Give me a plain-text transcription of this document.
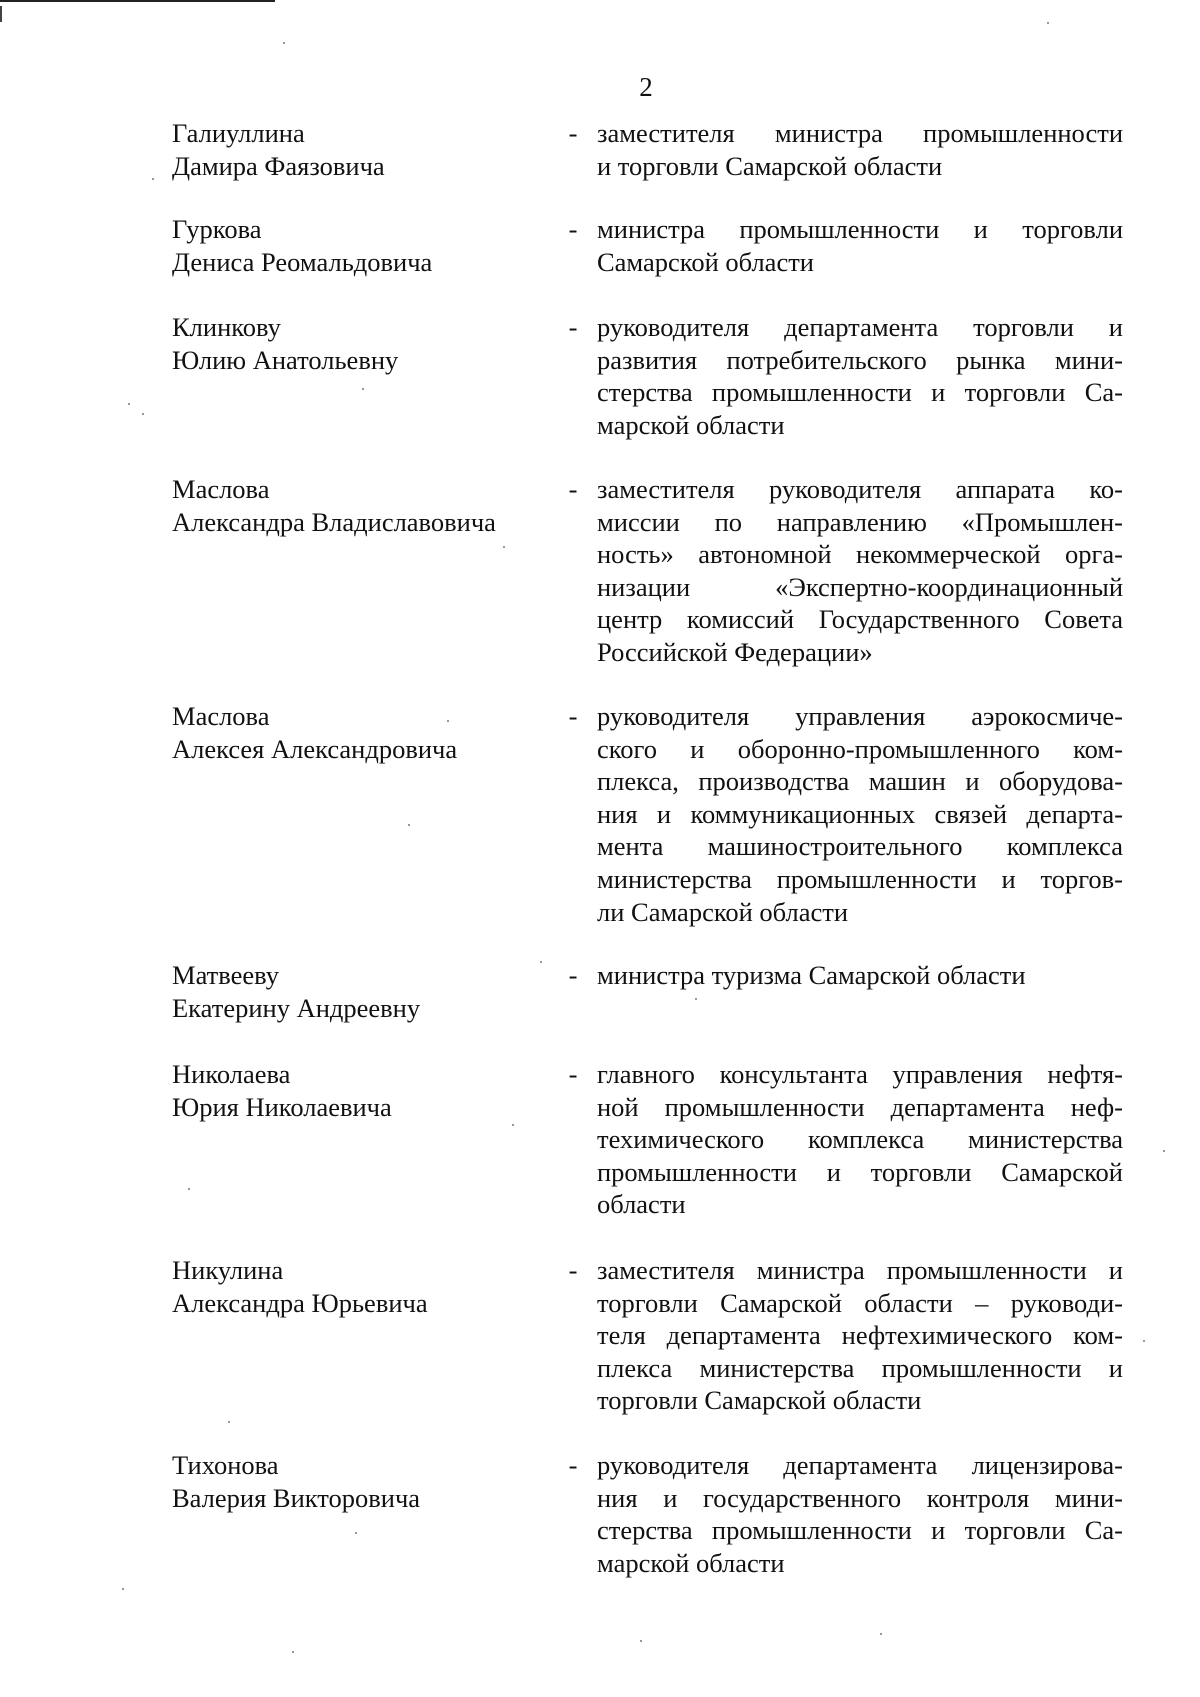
2
Галиуллина
Дамира Фаязовича
- заместителя министра промышленности
и торговли Самарской области
Гуркова
Дениса Реомальдовича
- министра промышленности и торговли
Самарской области
Клинкову
Юлию Анатольевну
- руководителя департамента торговли и
развития потребительского рынка мини-
стерства промышленности и торговли Са-
марской области
Маслова
Александра Владиславовича
- заместителя руководителя аппарата ко-
миссии по направлению «Промышлен-
ность» автономной некоммерческой орга-
низации «Экспертно-координационный
центр комиссий Государственного Совета
Российской Федерации»
Маслова
Алексея Александровича
- руководителя управления аэрокосмиче-
ского и оборонно-промышленного ком-
плекса, производства машин и оборудова-
ния и коммуникационных связей департа-
мента машиностроительного комплекса
министерства промышленности и торгов-
ли Самарской области
Матвееву
Екатерину Андреевну
- министра туризма Самарской области
Николаева
Юрия Николаевича
- главного консультанта управления нефтя-
ной промышленности департамента неф-
техимического комплекса министерства
промышленности и торговли Самарской
области
Никулина
Александра Юрьевича
- заместителя министра промышленности и
торговли Самарской области – руководи-
теля департамента нефтехимического ком-
плекса министерства промышленности и
торговли Самарской области
Тихонова
Валерия Викторовича
- руководителя департамента лицензирова-
ния и государственного контроля мини-
стерства промышленности и торговли Са-
марской области
